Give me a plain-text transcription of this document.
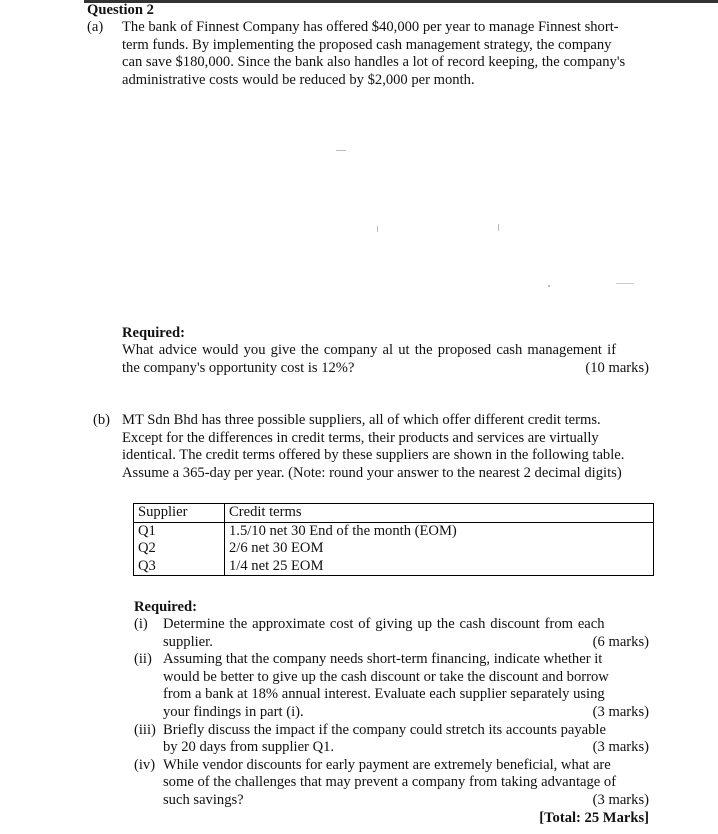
Question 2
(a) The bank of Finnest Company has offered $40,000 per year to manage Finnest short-
term funds. By implementing the proposed cash management strategy, the company
can save $180,000. Since the bank also handles a lot of record keeping, the company's
administrative costs would be reduced by $2,000 per month.
Required:
What advice would you give the company al ut the proposed cash management if
the company's opportunity cost is 12%?	(10 marks)
(b) MT Sdn Bhd has three possible suppliers, all of which offer different credit terms.
Except for the differences in credit terms, their products and services are virtually
identical. The credit terms offered by these suppliers are shown in the following table.
Assume a 365-day per year. (Note: round your answer to the nearest 2 decimal digits)
Supplier	Credit terms
Q1	1.5/10 net 30 End of the month (EOM)
Q2	2/6 net 30 EOM
Q3	1/4 net 25 EOM
Required:
(i)	Determine the approximate cost of giving up the cash discount from each
supplier.	(6 marks)
(ii) Assuming that the company needs short-term financing, indicate whether it
would be better to give up the cash discount or take the discount and borrow
from a bank at 18% annual interest. Evaluate each supplier separately using
your findings in part (i).	(3 marks)
(iii) Briefly discuss the impact if the company could stretch its accounts payable
by 20 days from supplier Q1.	(3 marks)
(iv) While vendor discounts for early payment are extremely beneficial, what are
some of the challenges that may prevent a company from taking advantage of
such savings?	(3 marks)
[Total: 25 Marks]
